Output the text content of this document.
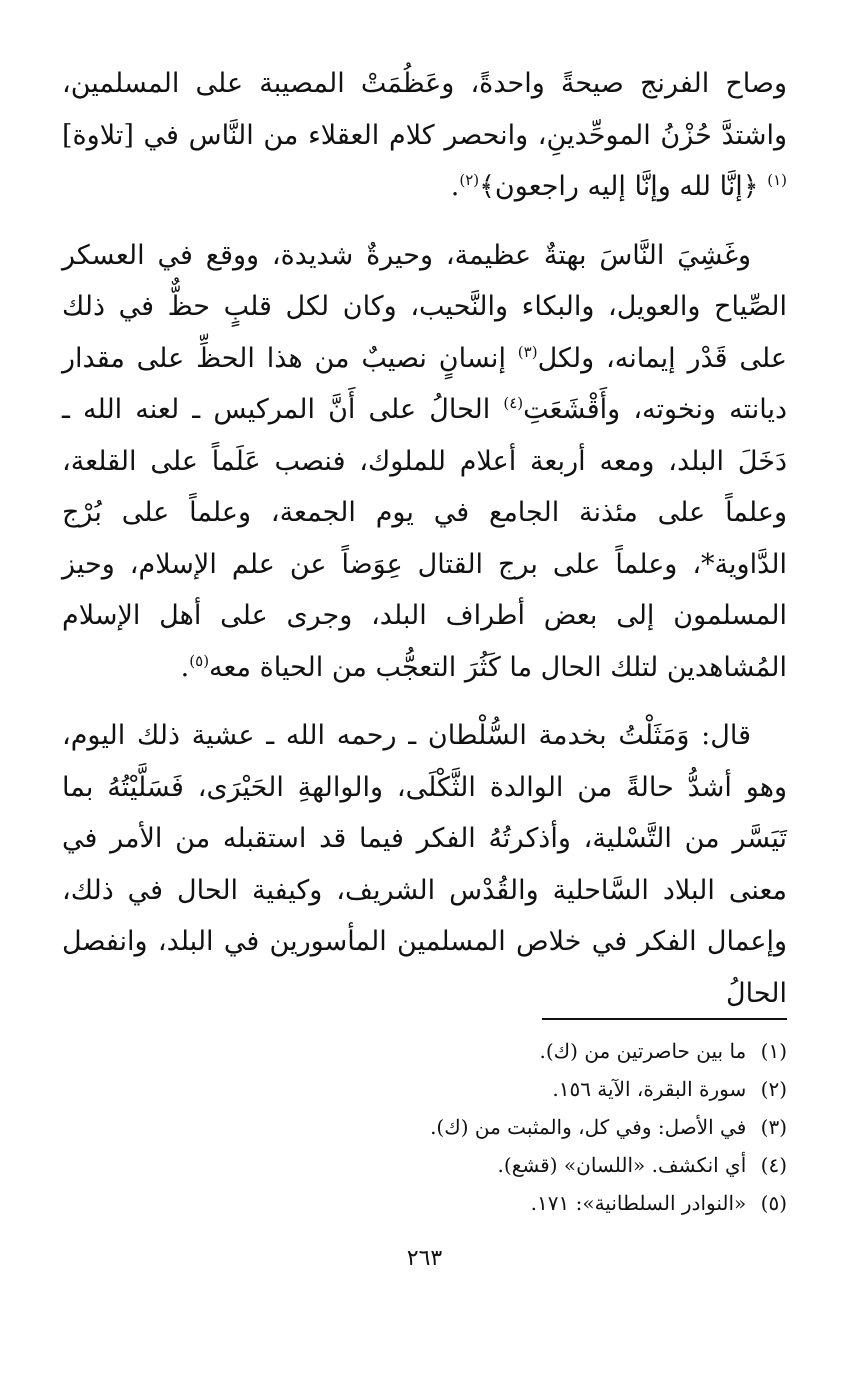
وصاح الفرنج صيحةً واحدةً، وعَظُمَتْ المصيبة على المسلمين، واشتدَّ حُزْنُ الموحِّدينِ، وانحصر كلام العقلاء من النَّاس في [تلاوة]$^{(١)}$ ﴿إنَّا لله وإنَّا إليه راجعون﴾$^{(٢)}$.

وغَشِيَ النَّاسَ بهتةٌ عظيمة، وحيرةٌ شديدة، ووقع في العسكر الصِّياح والعويل، والبكاء والنَّحيب، وكان لكل قلبٍ حظٌّ في ذلك على قَدْر إيمانه، ولكل$^{(٣)}$ إنسانٍ نصيبٌ من هذا الحظِّ على مقدار ديانته ونخوته، وأَقْشَعَتِ$^{(٤)}$ الحالُ على أَنَّ المركيس ـ لعنه الله ـ دَخَلَ البلد، ومعه أربعة أعلام للملوك، فنصب عَلَماً على القلعة، وعلماً على مئذنة الجامع في يوم الجمعة، وعلماً على بُرْج الدَّاوية*، وعلماً على برج القتال عِوَضاً عن علم الإسلام، وحيز المسلمون إلى بعض أطراف البلد، وجرى على أهل الإسلام المُشاهدين لتلك الحال ما كَثُرَ التعجُّب من الحياة معه$^{(٥)}$.

قال: وَمَثَلْتُ بخدمة السُّلْطان ـ رحمه الله ـ عشية ذلك اليوم، وهو أشدُّ حالةً من الوالدة الثَّكْلَى، والوالهةِ الحَيْرَى، فَسَلَّيْتُهُ بما تَيَسَّر من التَّسْلية، وأذكرتُهُ الفكر فيما قد استقبله من الأمر في معنى البلاد السَّاحلية والقُدْس الشريف، وكيفية الحال في ذلك، وإعمال الفكر في خلاص المسلمين المأسورين في البلد، وانفصل الحالُ

(١) ما بين حاصرتين من (ك).
(٢) سورة البقرة، الآية ١٥٦.
(٣) في الأصل: وفي كل، والمثبت من (ك).
(٤) أي انكشف. «اللسان» (قشع).
(٥) «النوادر السلطانية»: ١٧١.
٢٦٣
